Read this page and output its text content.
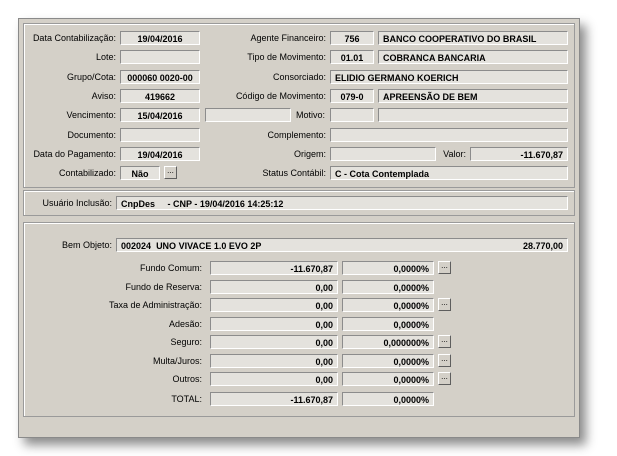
Data Contabilização:	19/04/2016
Lote:
Grupo/Cota:	000060 0020-00
Aviso:	419662
Vencimento:	15/04/2016
Documento:
Data do Pagamento:	19/04/2016
Contabilizado:	Não	...
Agente Financeiro:	756	BANCO COOPERATIVO DO BRASIL
Tipo de Movimento:	01.01	COBRANCA BANCARIA
Consorciado:	ELIDIO GERMANO KOERICH
Código de Movimento:	079-0	APREENSÃO DE BEM
Motivo:
Complemento:
Origem:	Valor:	-11.670,87
Status Contábil:	C - Cota Contemplada
Usuário Inclusão:	CnpDes - CNP - 19/04/2016 14:25:12
Bem Objeto:	002024 UNO VIVACE 1.0 EVO 2P	28.770,00
Fundo Comum:	-11.670,87	0,0000%	...
Fundo de Reserva:	0,00	0,0000%
Taxa de Administração:	0,00	0,0000%	...
Adesão:	0,00	0,0000%
Seguro:	0,00	0,000000%	...
Multa/Juros:	0,00	0,0000%	...
Outros:	0,00	0,0000%	...
TOTAL:	-11.670,87	0,0000%
